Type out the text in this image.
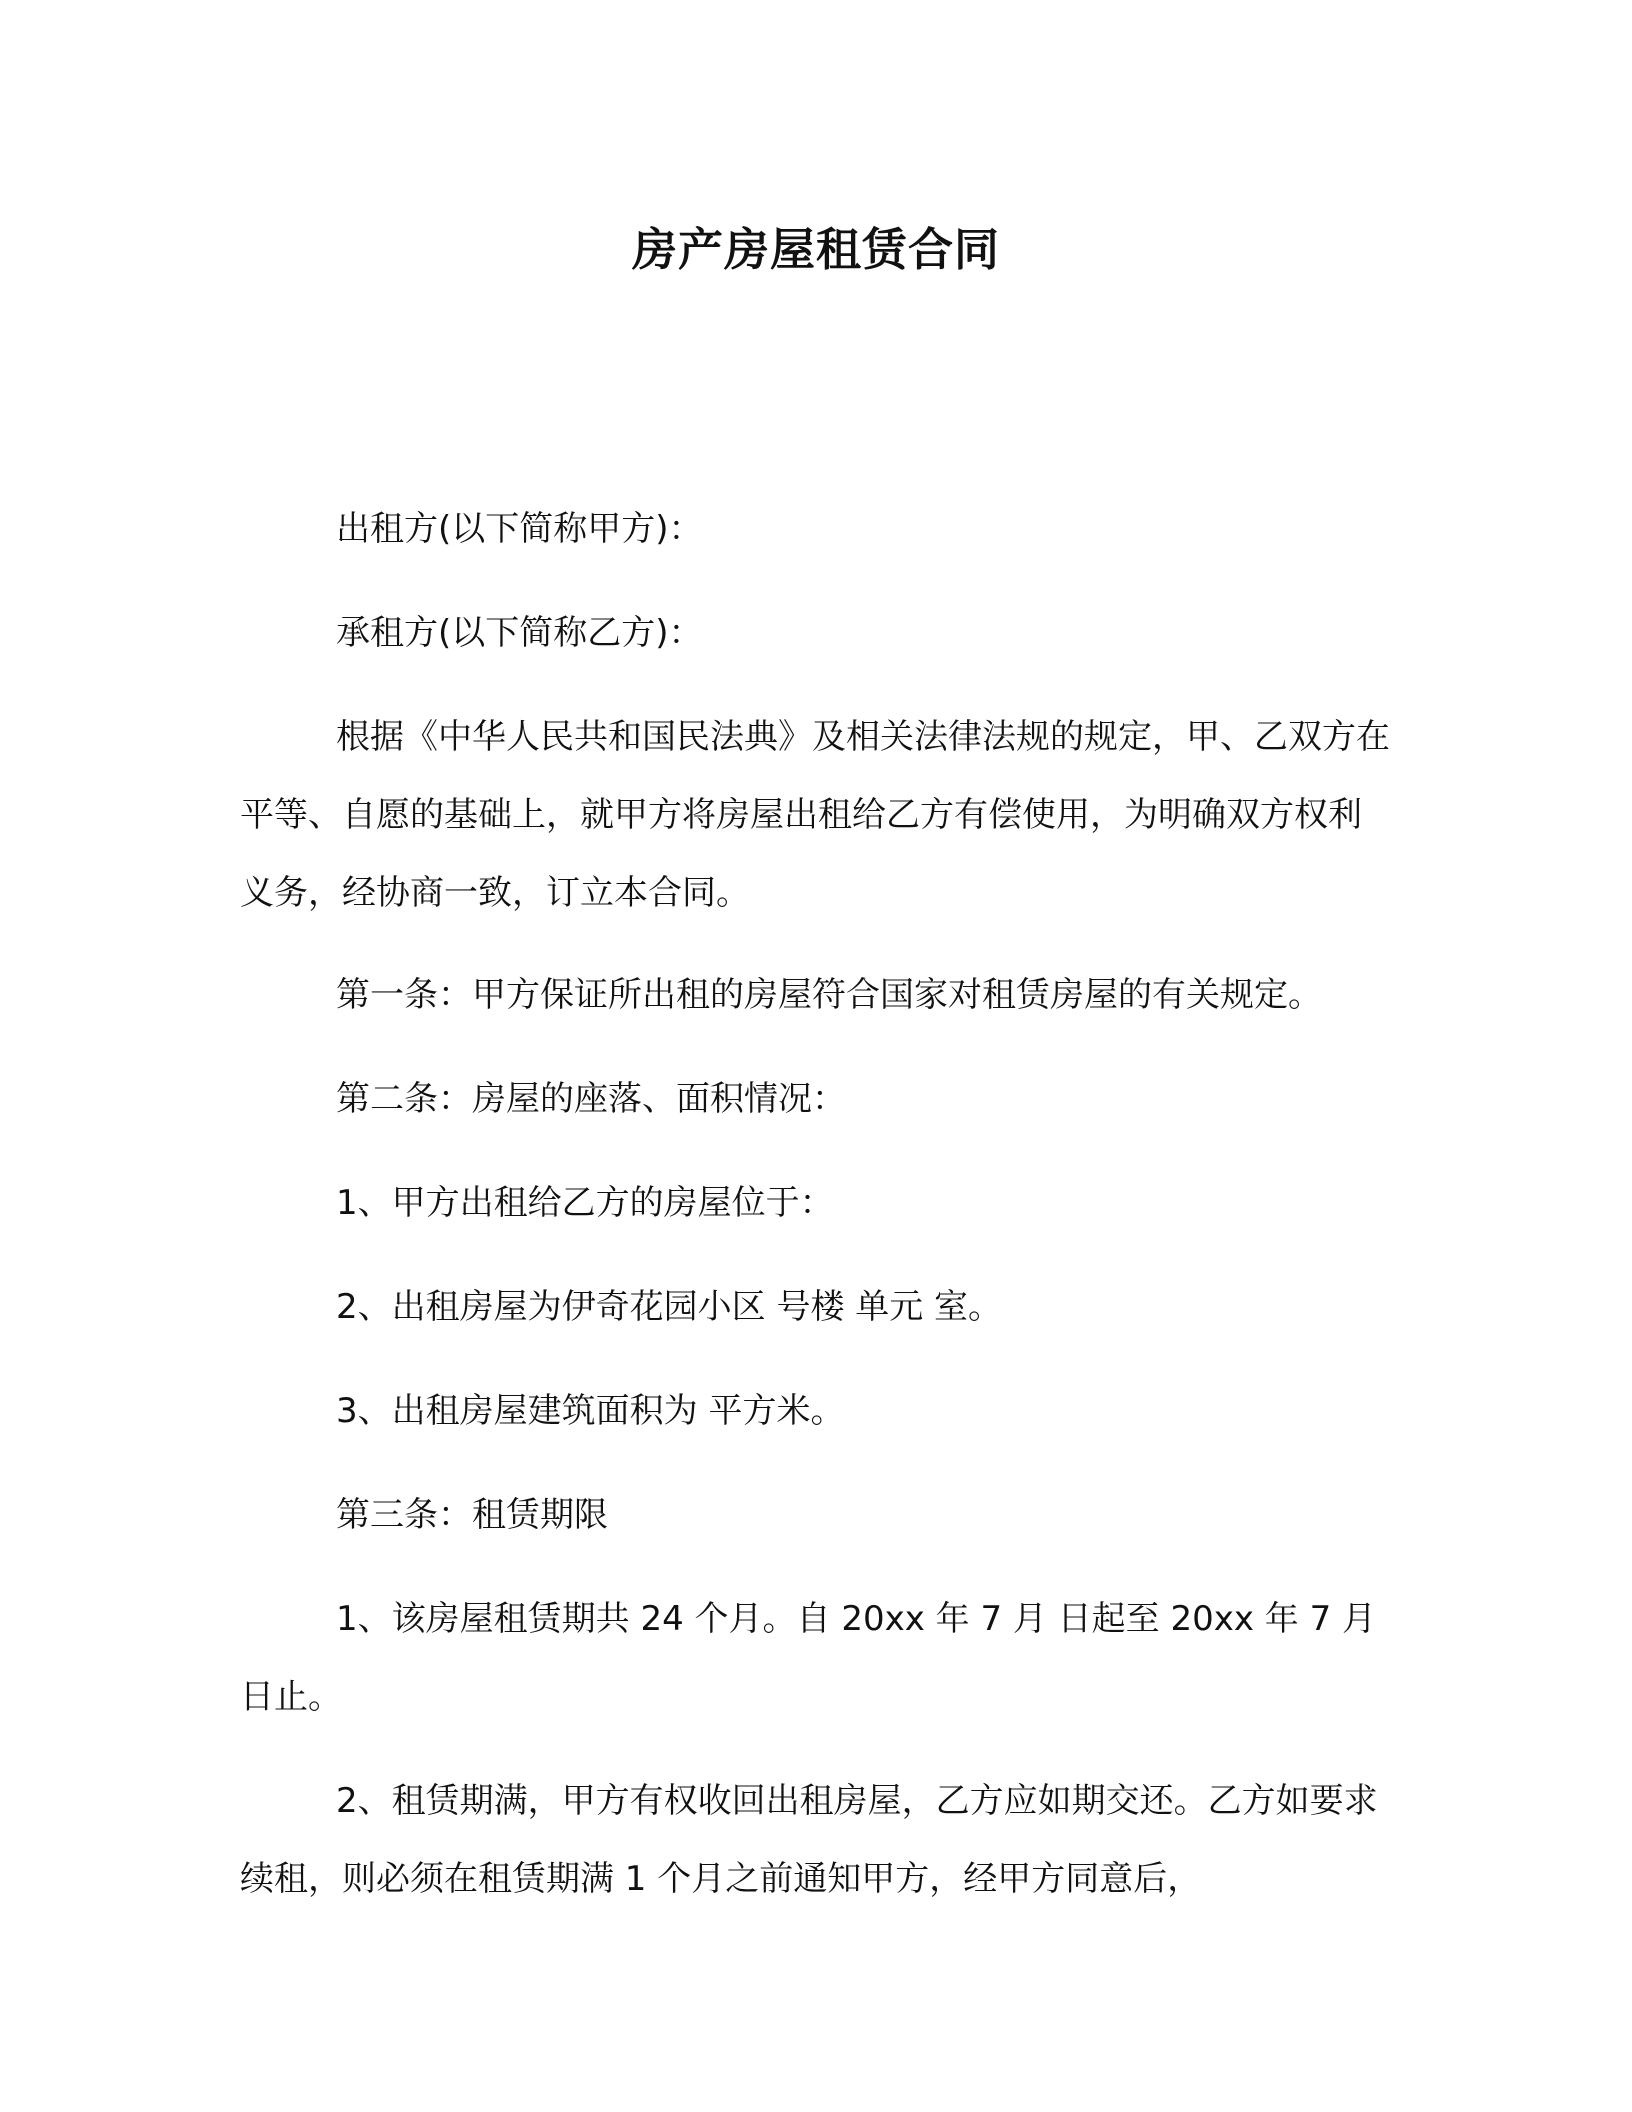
房产房屋租赁合同

出租方(以下简称甲方)：

承租方(以下简称乙方)：

根据《中华人民共和国民法典》及相关法律法规的规定，甲、乙双方在平等、自愿的基础上，就甲方将房屋出租给乙方有偿使用，为明确双方权利义务，经协商一致，订立本合同。

第一条：甲方保证所出租的房屋符合国家对租赁房屋的有关规定。

第二条：房屋的座落、面积情况：

1、甲方出租给乙方的房屋位于：

2、出租房屋为伊奇花园小区 号楼 单元 室。

3、出租房屋建筑面积为 平方米。

第三条：租赁期限

1、该房屋租赁期共 24 个月。自 20xx 年 7 月 日起至 20xx 年 7 月 日止。

2、租赁期满，甲方有权收回出租房屋，乙方应如期交还。乙方如要求续租，则必须在租赁期满 1 个月之前通知甲方，经甲方同意后，
